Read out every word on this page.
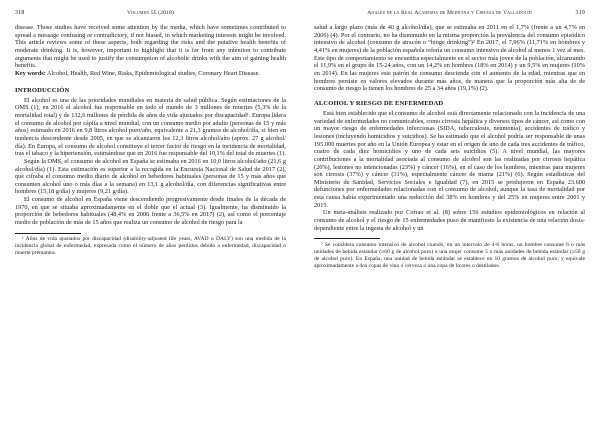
318	Volumen 55 (2018)

disease. Those studies have received some attention by the media, which have sometimes contributed to spread a message confusing or contradictory, if not biased, in which marketing interests might be involved. This article reviews some of these aspects, both regarding the risks and the putative health benefits of moderate drinking. It is, however, important to highlight that it is far from any intention to contribute arguments that might be used to justify the consumption of alcoholic drinks with the aim of gaining health benefits.

Key words: Alcohol, Health, Red Wine, Risks, Epidemiological studies, Coronary Heart Disease.

INTRODUCCIÓN

El alcohol es una de las prioridades mundiales en materia de salud pública. Según estimaciones de la OMS (1), en 2016 el alcohol fue responsable en todo el mundo de 3 millones de muertes (5,3% de la mortalidad total) y de 132,6 millones de pérdida de años de vida ajustados por discapacidad¹. Europa lidera el consumo de alcohol por cápita a nivel mundial, con un consumo medio por adulto (personas de 15 y más años) estimado en 2016 en 9,8 litros alcohol puro/año, equivalente a 21,3 gramos de alcohol/día, si bien en tendencia descendente desde 2005, en que se alcanzaron los 12,3 litros alcohol/año (aprox. 27 g alcohol/ día). En Europa, el consumo de alcohol constituye el tercer factor de riesgo en la incidencia de mortalidad, tras el tabaco y la hipertensión, estimándose que en 2016 fue responsable del 10,1% del total de muertes (1).

Según la OMS, el consumo de alcohol en España se estimaba en 2016 en 10,0 litros alcohol/año (21,6 g alcohol/día) (1). Esta estimación es superior a la recogida en la Encuesta Nacional de Salud de 2017 (2), que cifraba el consumo medio diario de alcohol en bebedores habituales (personas de 15 y más años que consumen alcohol uno o más días a la semana) en 13,1 g alcohol/día, con diferencias significativas entre hombres (15,18 g/día) y mujeres (9,21 g/día).

El consumo de alcohol en España viene descendiendo progresivamente desde finales de la década de 1970, en que se situaba aproximadamente en el doble que el actual (3). Igualmente, ha disminuido la proporción de bebedores habituales (48,4% en 2006 frente a 36,5% en 2017) (2), así como el porcentaje medio de población de más de 15 años que realiza un consumo de alcohol de riesgo para la

¹ Años de vida ajustados por discapacidad (disability-adjusted life years, AVAD o DALY) son una medida de la incidencia global de enfermedad, expresada como el número de años perdidos debido a enfermedad, discapacidad o muerte prematura.

Anales de la Real Academia de Medicina y Cirugía de Valladolid	319

salud a largo plazo (más de 40 g alcohol/día), que se estimaba en 2011 en el 1,7% (frente a un 4,7% en 2006) (4). Por el contrario, no ha disminuido en la misma proporción la prevalencia del consumo episódico intensivo de alcohol (consumo de atracón o “binge drinking”)² En 2017, el 7,96% (11,71% en hombres y 4,41% en mujeres) de la población española refería un consumo intensivo de alcohol al menos 1 vez al mes. Este tipo de comportamiento se encuentra especialmente en el sector más joven de la población, alcanzando el 11,9% en el grupo de 15-24 años, con un 14,2% en hombres (18% en 2014) y un 9,5% en mujeres (10% en 2014). En las mujeres este patrón de consumo desciende con el aumento de la edad, mientras que en hombres persiste en valores elevados durante más años, de manera que la proporción más alta de de consumo de riesgo la tienen los hombres de 25 a 34 años (19,1%) (2).

ALCOHOL Y RIESGO DE ENFERMEDAD

Está bien establecido que el consumo de alcohol está directamente relacionado con la incidencia de una variedad de enfermedades no comunicables, como cirrosis hepática y diversos tipos de cáncer, así como con un mayor riesgo de enfermedades infecciosas (SIDA, tuberculosis, neumonía), accidentes de tráfico y lesiones (incluyendo homicidios y suicidios). Se ha estimado que el alcohol podría ser responsable de unas 195.000 muertes por año en la Unión Europea y estar en el origen de uno de cada tres accidentes de tráfico, cuatro de cada diez homicidios y uno de cada seis suicidios (5). A nivel mundial, las mayores contribuciones a la mortalidad asociada al consumo de alcohol son las realizadas por cirrosis hepática (26%), lesiones no intencionadas (23%) y cáncer (16%), en el caso de los hombres, mientras para mujeres son cirrosis (37%) y cáncer (31%), especialmente cáncer de mama (21%) (6). Según estadísticas del Ministerio de Sanidad, Servicios Sociales e Igualdad (7), en 2015 se produjeron en España 23.600 defunciones por enfermedades relacionadas con el consumo de alcohol, aunque la tasa de mortalidad por esta causa había experimentado una reducción del 38% en hombres y del 25% en mujeres entre 2001 y 2015.

Un meta-análisis realizado por Corrao et al. (8) sobre 156 estudios epidemiológicos en relación al consumo de alcohol y el riesgo de 15 enfermedades puso de manifiesto la existencia de una relación dosis-dependiente entre la ingesta de alcohol y un

² Se considera consumo intensivo de alcohol cuando, en un intervalo de 4-6 horas, un hombre consume 6 o más unidades de bebida estándar (≥60 g de alcohol puro) o una mujer consume 5 o más unidades de bebida estándar (≥50 g de alcohol puro). En España, una unidad de bebida estándar se establece en 10 gramos de alcohol puro, y equivale aproximadamente a dos copas de vino o cerveza o una copa de licores o destilados.
